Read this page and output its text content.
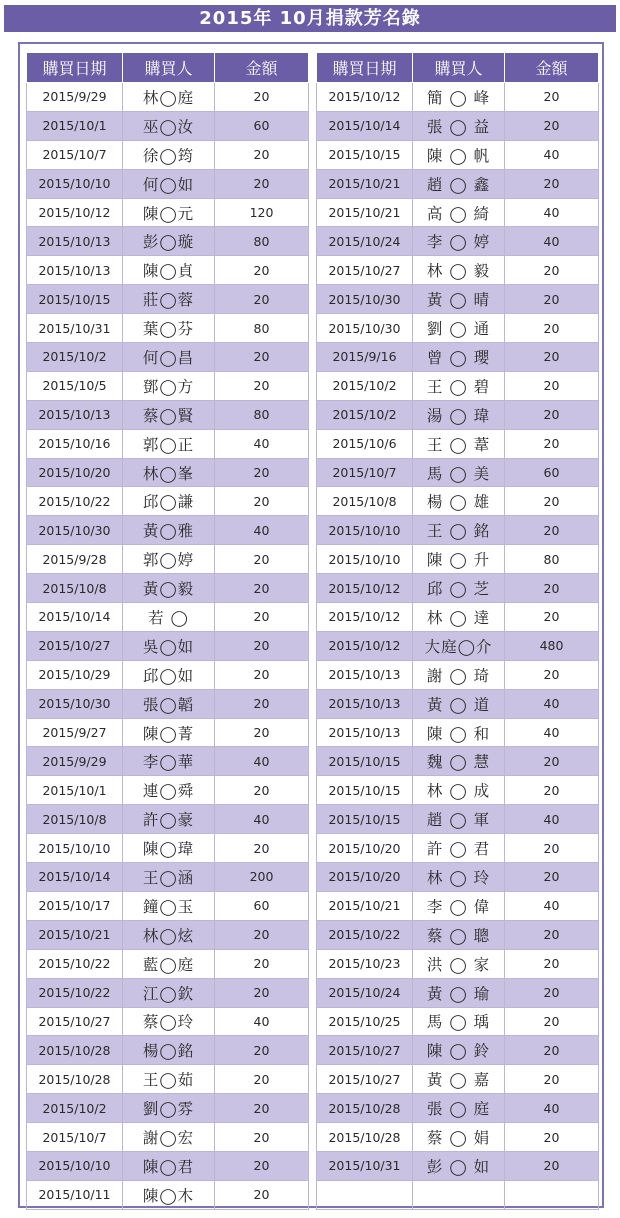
2015年 10月捐款芳名錄
購買日期	購買人	金額
2015/9/29	林◯庭	20
2015/10/1	巫◯汝	60
2015/10/7	徐◯筠	20
2015/10/10	何◯如	20
2015/10/12	陳◯元	120
2015/10/13	彭◯璇	80
2015/10/13	陳◯貞	20
2015/10/15	莊◯蓉	20
2015/10/31	葉◯芬	80
2015/10/2	何◯昌	20
2015/10/5	鄧◯方	20
2015/10/13	蔡◯賢	80
2015/10/16	郭◯正	40
2015/10/20	林◯峯	20
2015/10/22	邱◯謙	20
2015/10/30	黃◯雅	40
2015/9/28	郭◯婷	20
2015/10/8	黃◯毅	20
2015/10/14	若 ◯	20
2015/10/27	吳◯如	20
2015/10/29	邱◯如	20
2015/10/30	張◯韜	20
2015/9/27	陳◯菁	20
2015/9/29	李◯華	40
2015/10/1	連◯舜	20
2015/10/8	許◯豪	40
2015/10/10	陳◯瑋	20
2015/10/14	王◯涵	200
2015/10/17	鐘◯玉	60
2015/10/21	林◯炫	20
2015/10/22	藍◯庭	20
2015/10/22	江◯欽	20
2015/10/27	蔡◯玲	40
2015/10/28	楊◯銘	20
2015/10/28	王◯茹	20
2015/10/2	劉◯雰	20
2015/10/7	謝◯宏	20
2015/10/10	陳◯君	20
2015/10/11	陳◯木	20
購買日期	購買人	金額
2015/10/12	簡 ◯ 峰	20
2015/10/14	張 ◯ 益	20
2015/10/15	陳 ◯ 帆	40
2015/10/21	趙 ◯ 鑫	20
2015/10/21	高 ◯ 綺	40
2015/10/24	李 ◯ 婷	40
2015/10/27	林 ◯ 毅	20
2015/10/30	黃 ◯ 晴	20
2015/10/30	劉 ◯ 通	20
2015/9/16	曾 ◯ 瓔	20
2015/10/2	王 ◯ 碧	20
2015/10/2	湯 ◯ 瑋	20
2015/10/6	王 ◯ 葦	20
2015/10/7	馬 ◯ 美	60
2015/10/8	楊 ◯ 雄	20
2015/10/10	王 ◯ 銘	20
2015/10/10	陳 ◯ 升	80
2015/10/12	邱 ◯ 芝	20
2015/10/12	林 ◯ 達	20
2015/10/12	大庭◯介	480
2015/10/13	謝 ◯ 琦	20
2015/10/13	黃 ◯ 道	40
2015/10/13	陳 ◯ 和	40
2015/10/15	魏 ◯ 慧	20
2015/10/15	林 ◯ 成	20
2015/10/15	趙 ◯ 軍	40
2015/10/20	許 ◯ 君	20
2015/10/20	林 ◯ 玲	20
2015/10/21	李 ◯ 偉	40
2015/10/22	蔡 ◯ 聰	20
2015/10/23	洪 ◯ 家	20
2015/10/24	黃 ◯ 瑜	20
2015/10/25	馬 ◯ 瑀	20
2015/10/27	陳 ◯ 鈴	20
2015/10/27	黃 ◯ 嘉	20
2015/10/28	張 ◯ 庭	40
2015/10/28	蔡 ◯ 娟	20
2015/10/31	彭 ◯ 如	20
